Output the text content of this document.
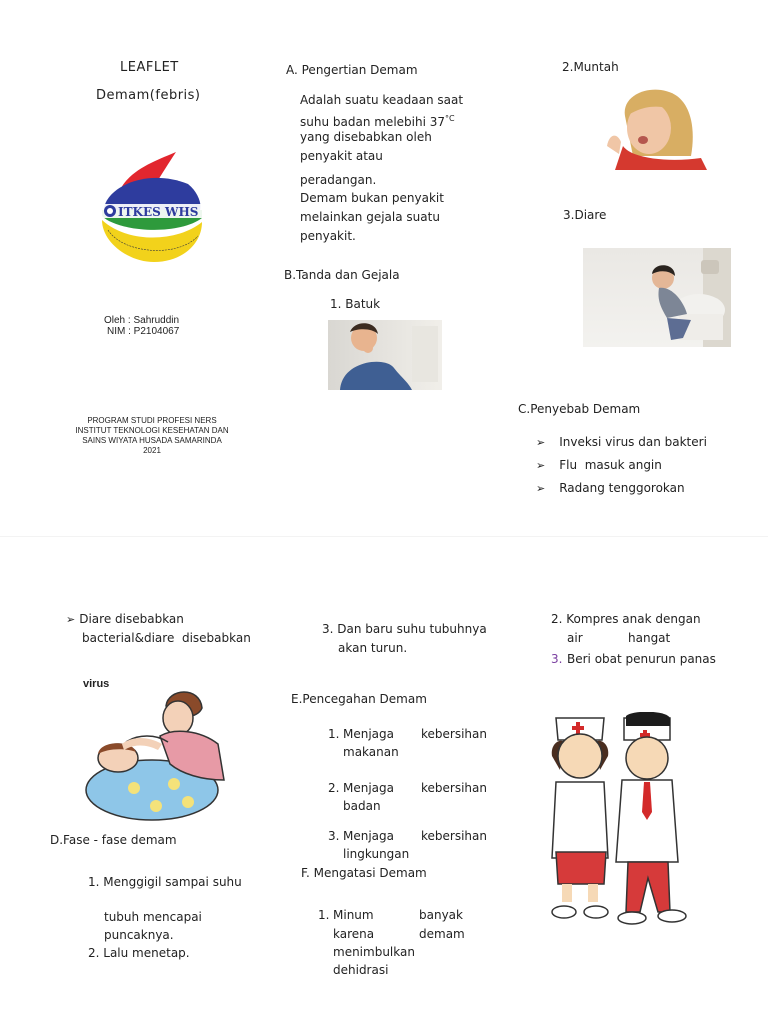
LEAFLET
Demam(febris)
ITKES WHS
Oleh : Sahruddin
NIM : P2104067
PROGRAM STUDI PROFESI NERS
INSTITUT TEKNOLOGI KESEHATAN DAN
SAINS WIYATA HUSADA SAMARINDA
2021
A. Pengertian Demam
Adalah suatu keadaan saat
suhu badan melebihi $37^{^\circ C}$
yang disebabkan oleh
penyakit atau
peradangan.
Demam bukan penyakit
melainkan gejala suatu
penyakit.
B.Tanda dan Gejala
1. Batuk
2.Muntah
3.Diare
C.Penyebab Demam
➢ Inveksi virus dan bakteri
➢ Flu  masuk angin
➢ Radang tenggorokan
➢ Diare disebabkan
bacterial&diare  disebabkan
virus
D.Fase - fase demam
1. Menggigil sampai suhu
tubuh mencapai
puncaknya.
2. Lalu menetap.
3. Dan baru suhu tubuhnya
akan turun.
E.Pencegahan Demam
1. Menjaga kebersihan
makanan
2. Menjaga kebersihan
badan
3. Menjaga kebersihan
lingkungan
F. Mengatasi Demam
1. Minum	banyak
karena	demam
menimbulkan
dehidrasi
2. Kompres anak dengan
air	hangat
3. Beri obat penurun panas
